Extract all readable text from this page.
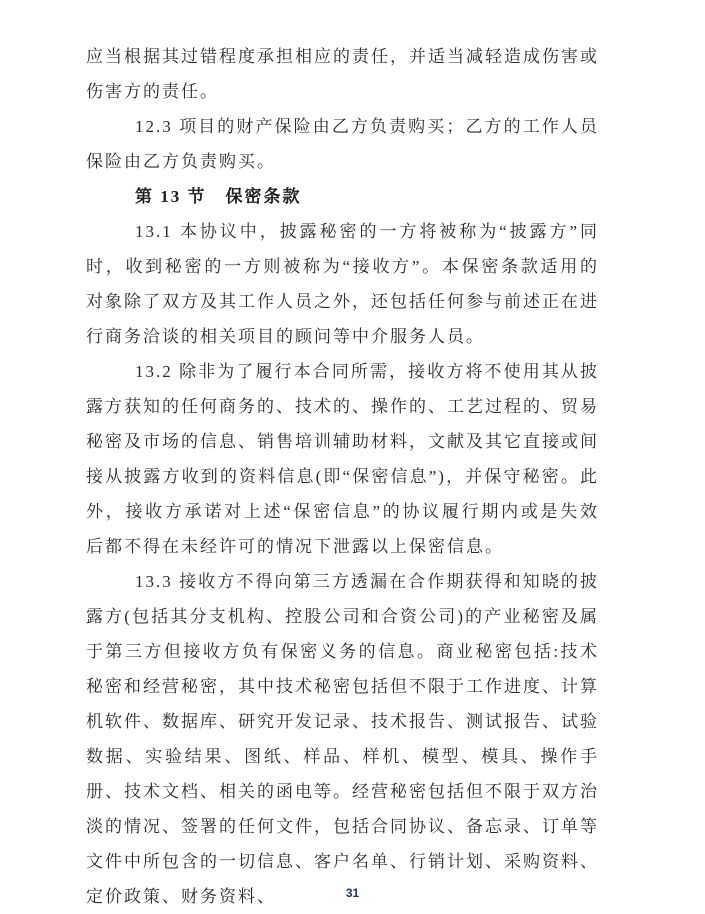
应当根据其过错程度承担相应的责任，并适当减轻造成伤害或伤害方的责任。

12.3 项目的财产保险由乙方负责购买；乙方的工作人员保险由乙方负责购买。

第 13 节　保密条款

13.1 本协议中，披露秘密的一方将被称为“披露方”同时，收到秘密的一方则被称为“接收方”。本保密条款适用的对象除了双方及其工作人员之外，还包括任何参与前述正在进行商务洽谈的相关项目的顾问等中介服务人员。

13.2 除非为了履行本合同所需，接收方将不使用其从披露方获知的任何商务的、技术的、操作的、工艺过程的、贸易秘密及市场的信息、销售培训辅助材料，文献及其它直接或间接从披露方收到的资料信息(即“保密信息”)，并保守秘密。此外，接收方承诺对上述“保密信息”的协议履行期内或是失效后都不得在未经许可的情况下泄露以上保密信息。

13.3 接收方不得向第三方透漏在合作期获得和知晓的披露方(包括其分支机构、控股公司和合资公司)的产业秘密及属于第三方但接收方负有保密义务的信息。商业秘密包括:技术秘密和经营秘密，其中技术秘密包括但不限于工作进度、计算机软件、数据库、研究开发记录、技术报告、测试报告、试验数据、实验结果、图纸、样品、样机、模型、模具、操作手册、技术文档、相关的函电等。经营秘密包括但不限于双方治淡的情况、签署的任何文件，包括合同协议、备忘录、订单等文件中所包含的一切信息、客户名单、行销计划、采购资料、定价政策、财务资料、	31
